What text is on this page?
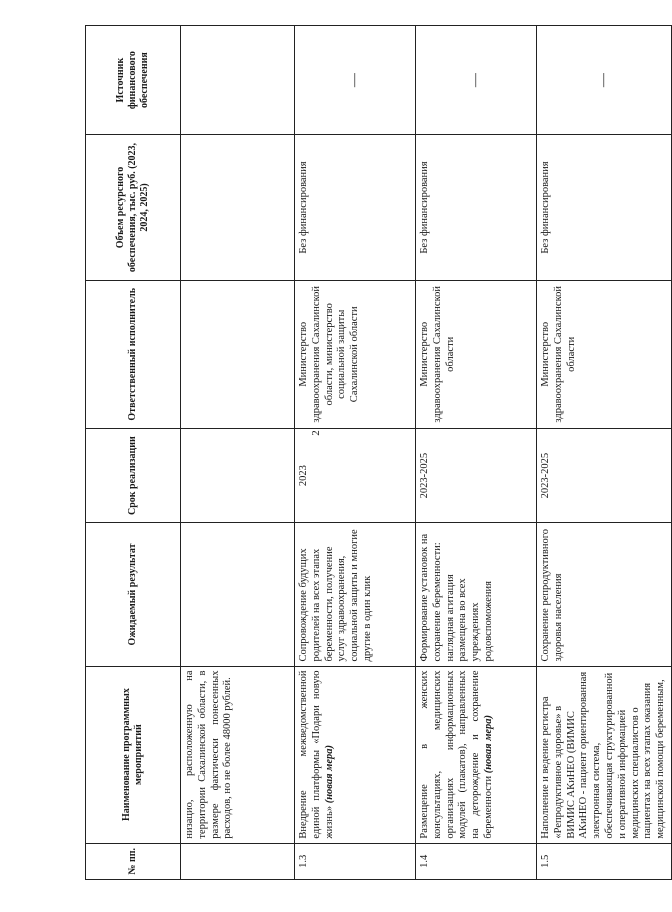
2
№ пп.	Наименование программных мероприятий	Ожидаемый результат	Срок реализации	Ответственный исполнитель	Объем ресурсного обеспечения, тыс. руб. (2023, 2024, 2025)	Источник финансового обеспечения
	низацио, расположенную на территории Сахалинской области, в размере фактически понесенных расходов, но не более 48000 рублей.					
1.3	Внедрение межведомственной единой платформы «Подари новую жизнь» (новая мера)	Сопровождение будущих родителей на всех этапах беременности, получение услуг здравоохранения, социальной защиты и многие другие в один клик	2023	Министерство здравоохранения Сахалинской области, министерство социальной защиты Сахалинской области	Без финансирования	—
1.4	Размещение в женских консультациях, медицинских организациях информационных модулей (плакатов), направленных на деторождение и сохранение беременности (новая мера)	Формирование установок на сохранение беременности: наглядная агитация размещена во всех учреждениях родовспоможения	2023-2025	Министерство здравоохранения Сахалинской области	Без финансирования	—
1.5	Наполнение и ведение регистра «Репродуктивное здоровье» в ВИМИС АКиНЕО (ВИМИС АКиНЕО - пациент ориентированная электронная система, обеспечивающая структурированной и оперативной информацией медицинских специалистов о пациентах на всех этапах оказания медицинской помощи беременным,	Сохранение репродуктивного здоровья населения	2023-2025	Министерство здравоохранения Сахалинской области	Без финансирования	—
